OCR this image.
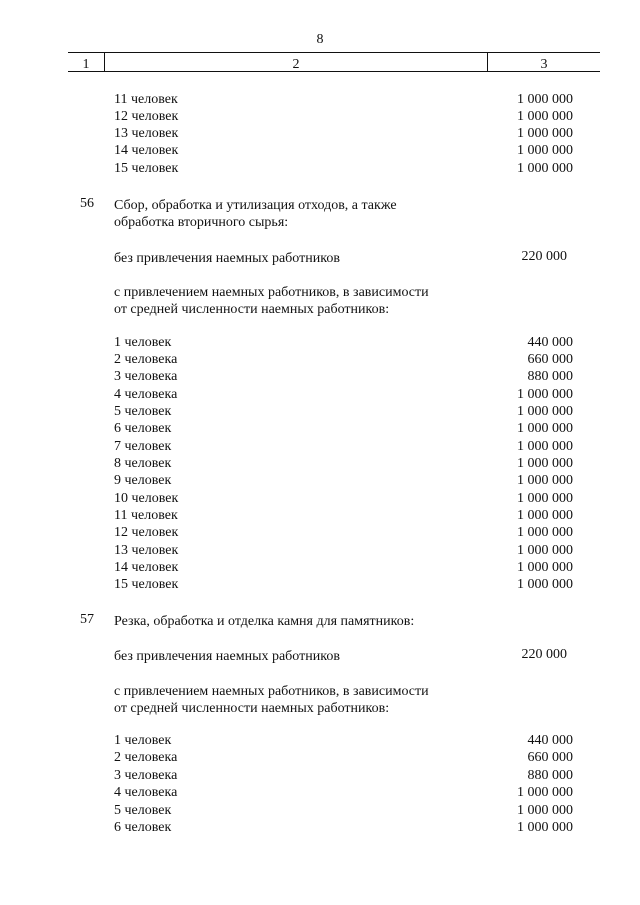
8
1	2	3
11 человек	1 000 000
12 человек	1 000 000
13 человек	1 000 000
14 человек	1 000 000
15 человек	1 000 000
56 Сбор, обработка и утилизация отходов, а также
обработка вторичного сырья:
без привлечения наемных работников	220 000
с привлечением наемных работников, в зависимости
от средней численности наемных работников:
1 человек	440 000
2 человека	660 000
3 человека	880 000
4 человека	1 000 000
5 человек	1 000 000
6 человек	1 000 000
7 человек	1 000 000
8 человек	1 000 000
9 человек	1 000 000
10 человек	1 000 000
11 человек	1 000 000
12 человек	1 000 000
13 человек	1 000 000
14 человек	1 000 000
15 человек	1 000 000
57 Резка, обработка и отделка камня для памятников:
без привлечения наемных работников	220 000
с привлечением наемных работников, в зависимости
от средней численности наемных работников:
1 человек	440 000
2 человека	660 000
3 человека	880 000
4 человека	1 000 000
5 человек	1 000 000
6 человек	1 000 000
